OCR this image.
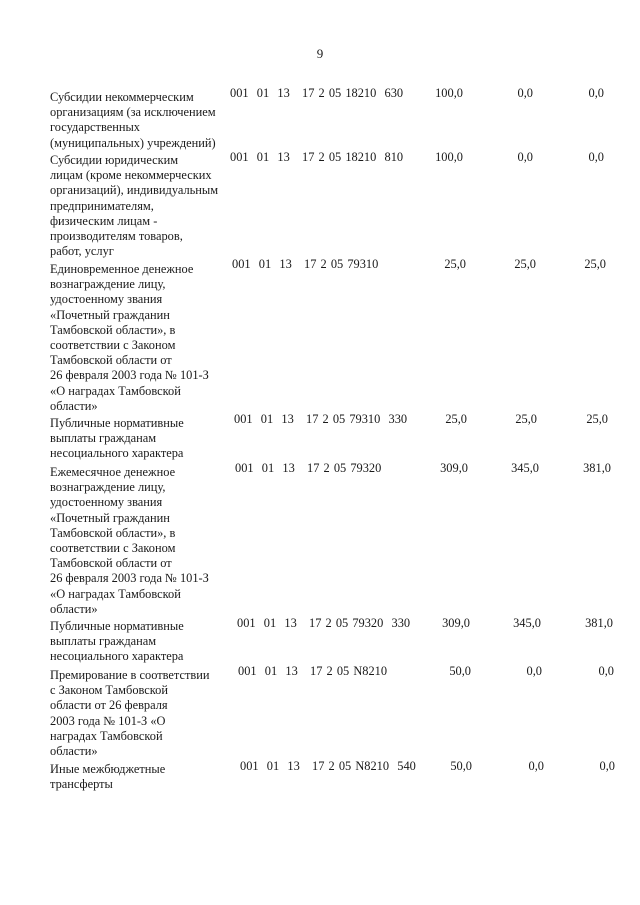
9
Субсидии некоммерческим
организациям (за исключением
государственных
(муниципальных) учреждений)
001  01  13   17 2 05 18210  630	100,0	0,0	0,0
Субсидии юридическим
лицам (кроме некоммерческих
организаций), индивидуальным
предпринимателям,
физическим лицам -
производителям товаров,
работ, услуг
001  01  13   17 2 05 18210  810	100,0	0,0	0,0
Единовременное денежное
вознаграждение лицу,
удостоенному звания
«Почетный гражданин
Тамбовской области», в
соответствии с Законом
Тамбовской области от
26 февраля 2003 года № 101-З
«О наградах Тамбовской
области»
001  01  13   17 2 05 79310	25,0	25,0	25,0
Публичные нормативные
выплаты гражданам
несоциального характера
001  01  13   17 2 05 79310  330	25,0	25,0	25,0
Ежемесячное денежное
вознаграждение лицу,
удостоенному звания
«Почетный гражданин
Тамбовской области», в
соответствии с Законом
Тамбовской области от
26 февраля 2003 года № 101-З
«О наградах Тамбовской
области»
001  01  13   17 2 05 79320	309,0	345,0	381,0
Публичные нормативные
выплаты гражданам
несоциального характера
001  01  13   17 2 05 79320  330	309,0	345,0	381,0
Премирование в соответствии
с Законом Тамбовской
области от 26 февраля
2003 года № 101-З «О
наградах Тамбовской
области»
001  01  13   17 2 05 N8210	50,0	0,0	0,0
Иные межбюджетные
трансферты
001  01  13   17 2 05 N8210  540	50,0	0,0	0,0
